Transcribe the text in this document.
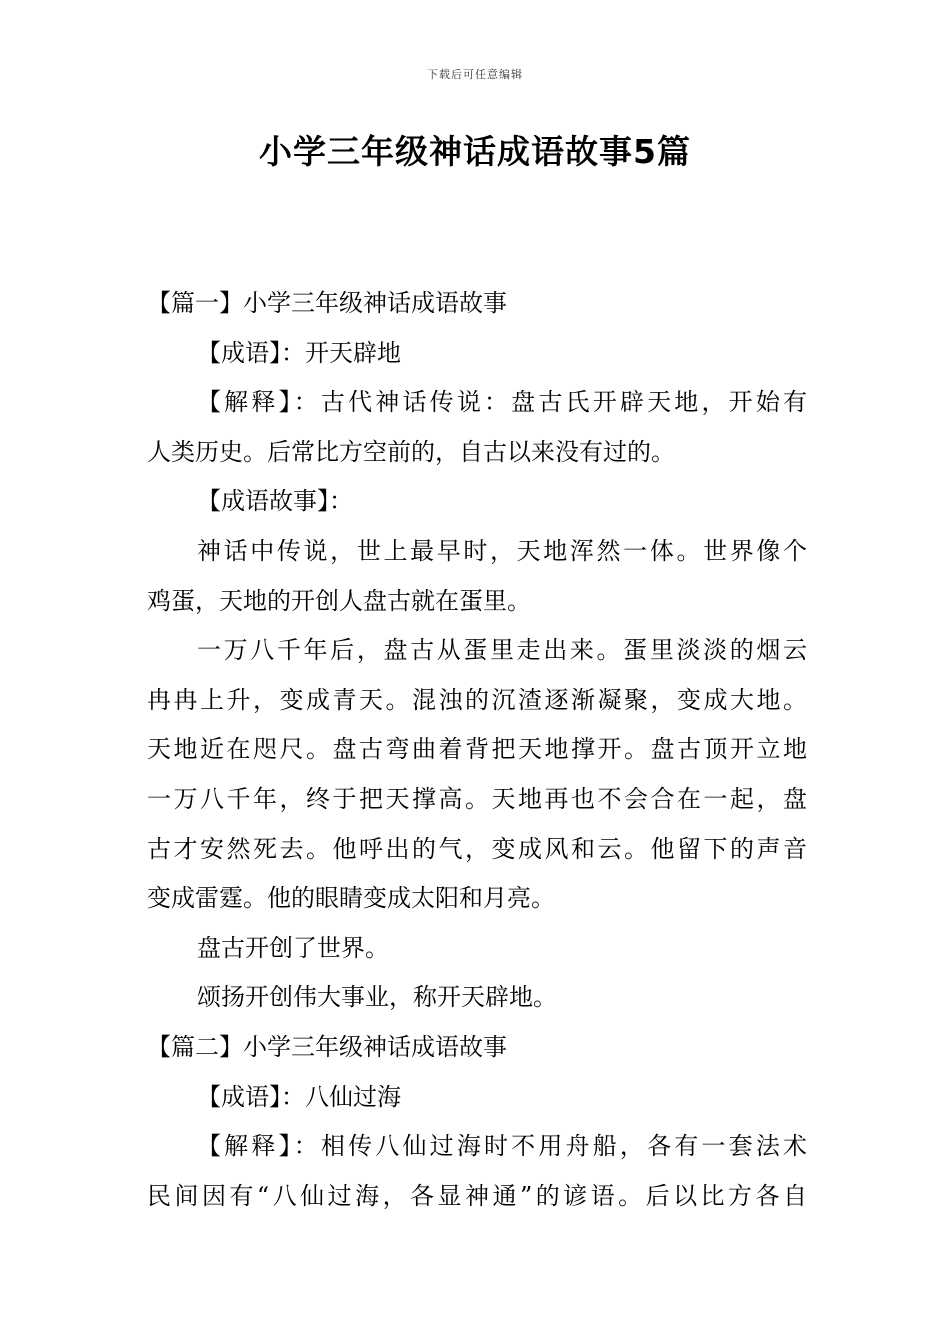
下载后可任意编辑
小学三年级神话成语故事5篇
【篇一】小学三年级神话成语故事
【成语】：开天辟地
【解释】：古代神话传说：盘古氏开辟天地，开始有
人类历史。后常比方空前的，自古以来没有过的。
【成语故事】：
神话中传说，世上最早时，天地浑然一体。世界像个
鸡蛋，天地的开创人盘古就在蛋里。
一万八千年后，盘古从蛋里走出来。蛋里淡淡的烟云
冉冉上升，变成青天。混浊的沉渣逐渐凝聚，变成大地。
天地近在咫尺。盘古弯曲着背把天地撑开。盘古顶开立地
一万八千年，终于把天撑高。天地再也不会合在一起，盘
古才安然死去。他呼出的气，变成风和云。他留下的声音
变成雷霆。他的眼睛变成太阳和月亮。
盘古开创了世界。
颂扬开创伟大事业，称开天辟地。
【篇二】小学三年级神话成语故事
【成语】：八仙过海
【解释】：相传八仙过海时不用舟船，各有一套法术
民间因有“八仙过海，各显神通”的谚语。后以比方各自
